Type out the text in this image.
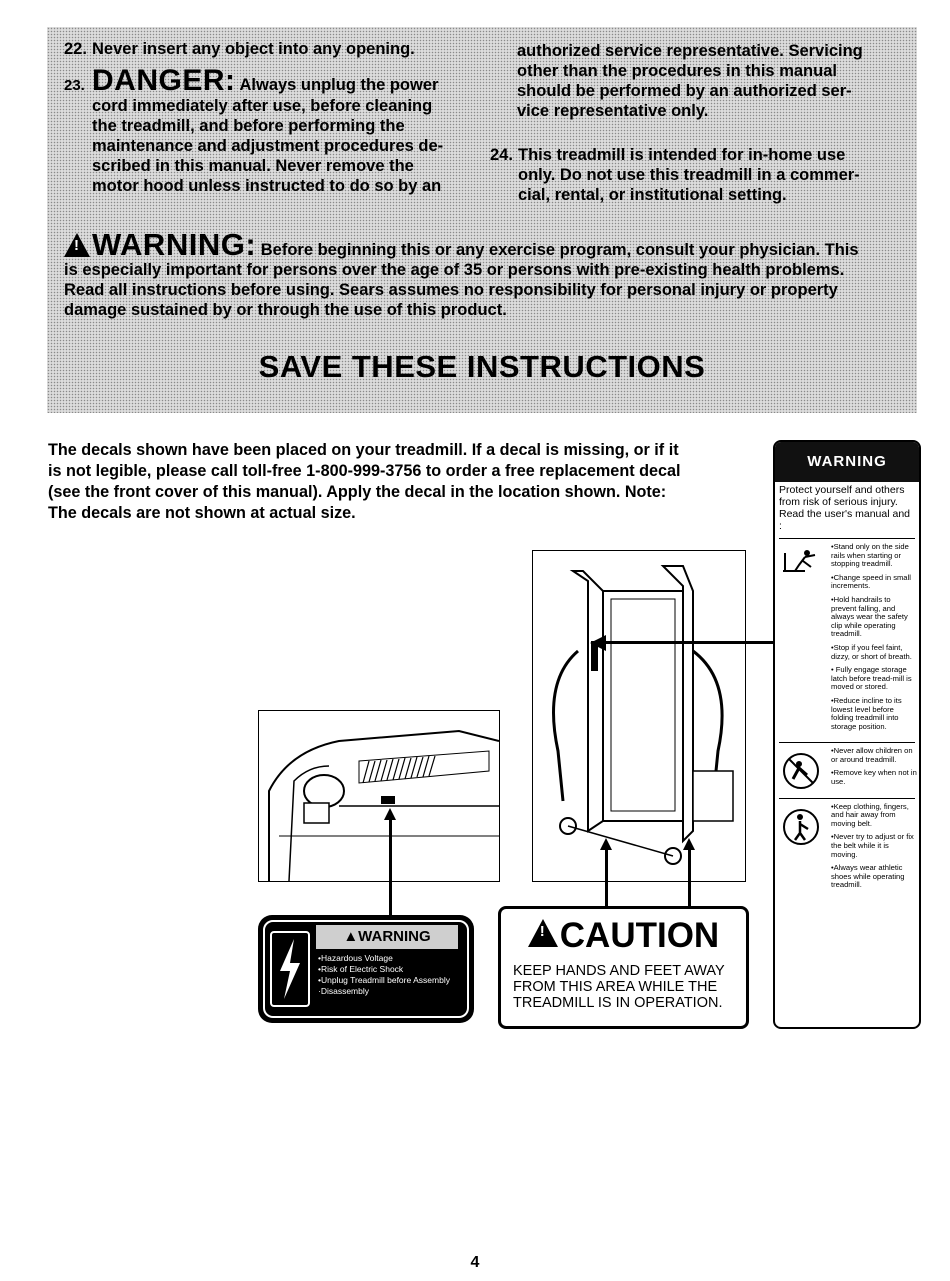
22. Never insert any object into any opening.
23. DANGER: Always unplug the power
cord immediately after use, before cleaning
the treadmill, and before performing the
maintenance and adjustment procedures de-
scribed in this manual. Never remove the
motor hood unless instructed to do so by an
authorized service representative. Servicing
other than the procedures in this manual
should be performed by an authorized ser-
vice representative only.
24. This treadmill is intended for in-home use
only. Do not use this treadmill in a commer-
cial, rental, or institutional setting.
!WARNING: Before beginning this or any exercise program, consult your physician. This
is especially important for persons over the age of 35 or persons with pre-existing health problems.
Read all instructions before using. Sears assumes no responsibility for personal injury or property
damage sustained by or through the use of this product.
SAVE THESE INSTRUCTIONS
The decals shown have been placed on your treadmill. If a decal is missing, or if it
is not legible, please call toll-free 1-800-999-3756 to order a free replacement decal
(see the front cover of this manual). Apply the decal in the location shown. Note:
The decals are not shown at actual size.
WARNING
Protect yourself and others from risk of serious injury. Read the user's manual and :
•Stand only on the side rails when starting or stopping treadmill.
•Change speed in small increments.
•Hold handrails to prevent falling, and always wear the safety clip while operating treadmill.
•Stop if you feel faint, dizzy, or short of breath.
• Fully engage storage latch before tread-mill is moved or stored.
•Reduce incline to its lowest level before folding treadmill into storage position.
•Never allow children on or around treadmill.
•Remove key when not in use.
•Keep clothing, fingers, and hair away from moving belt.
•Never try to adjust or fix the belt while it is moving.
•Always wear athletic shoes while operating treadmill.
▲WARNING
•Hazardous Voltage
•Risk of Electric Shock
•Unplug Treadmill before Assembly
·Disassembly
!CAUTION
KEEP HANDS AND FEET AWAY
FROM THIS AREA WHILE THE
TREADMILL IS IN OPERATION.
4
